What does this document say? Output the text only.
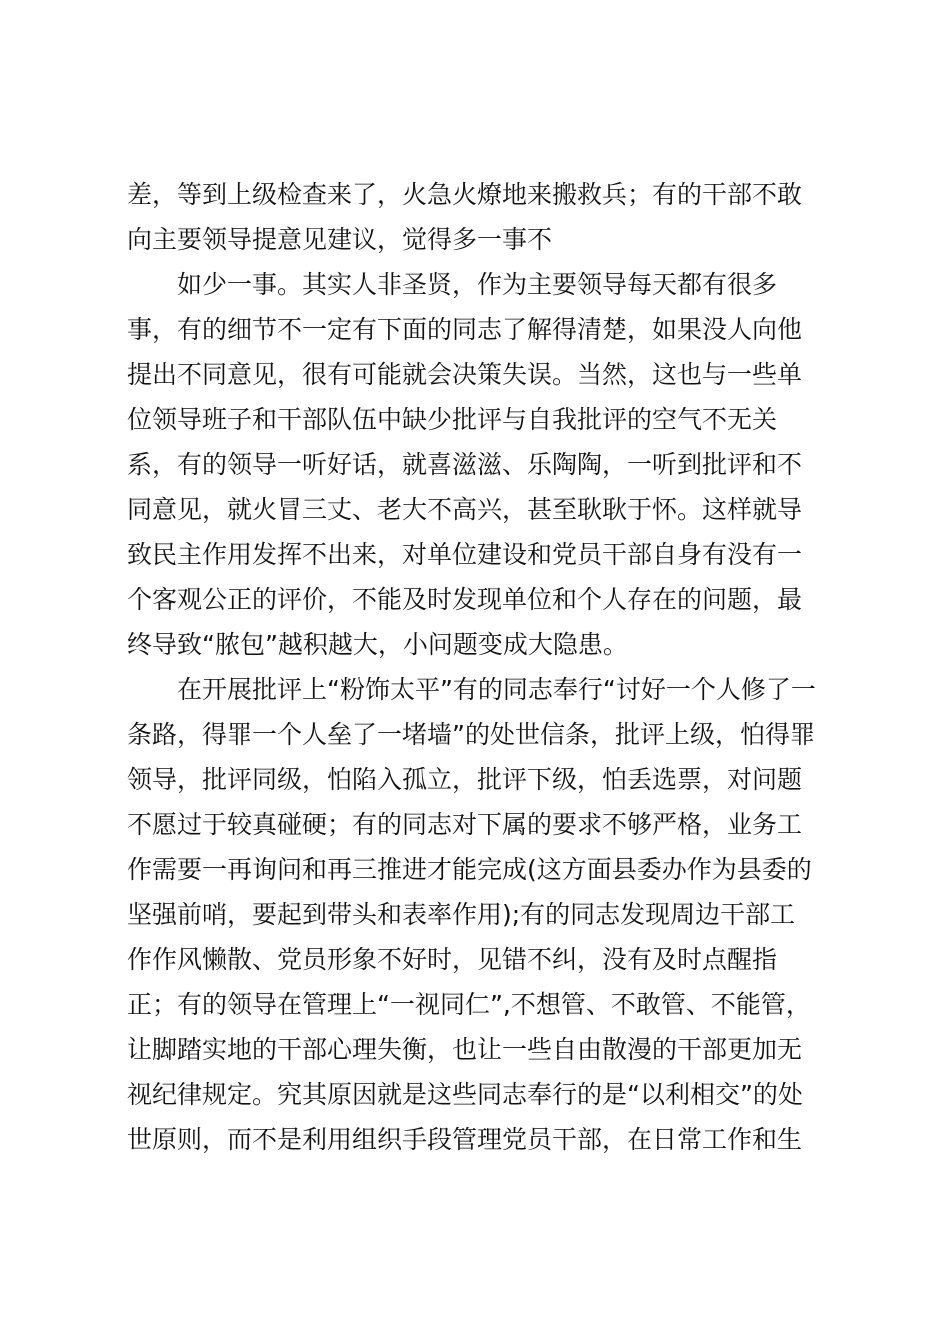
差，等到上级检查来了，火急火燎地来搬救兵；有的干部不敢
向主要领导提意见建议，觉得多一事不
如少一事。其实人非圣贤，作为主要领导每天都有很多
事，有的细节不一定有下面的同志了解得清楚，如果没人向他
提出不同意见，很有可能就会决策失误。当然，这也与一些单
位领导班子和干部队伍中缺少批评与自我批评的空气不无关
系，有的领导一听好话，就喜滋滋、乐陶陶，一听到批评和不
同意见，就火冒三丈、老大不高兴，甚至耿耿于怀。这样就导
致民主作用发挥不出来，对单位建设和党员干部自身有没有一
个客观公正的评价，不能及时发现单位和个人存在的问题，最
终导致“脓包”越积越大，小问题变成大隐患。
在开展批评上“粉饰太平”有的同志奉行“讨好一个人修了一
条路，得罪一个人垒了一堵墙”的处世信条，批评上级，怕得罪
领导，批评同级，怕陷入孤立，批评下级，怕丢选票，对问题
不愿过于较真碰硬；有的同志对下属的要求不够严格，业务工
作需要一再询问和再三推进才能完成(这方面县委办作为县委的
坚强前哨，要起到带头和表率作用);有的同志发现周边干部工
作作风懒散、党员形象不好时，见错不纠，没有及时点醒指
正；有的领导在管理上“一视同仁”,不想管、不敢管、不能管，
让脚踏实地的干部心理失衡，也让一些自由散漫的干部更加无
视纪律规定。究其原因就是这些同志奉行的是“以利相交”的处
世原则，而不是利用组织手段管理党员干部，在日常工作和生
